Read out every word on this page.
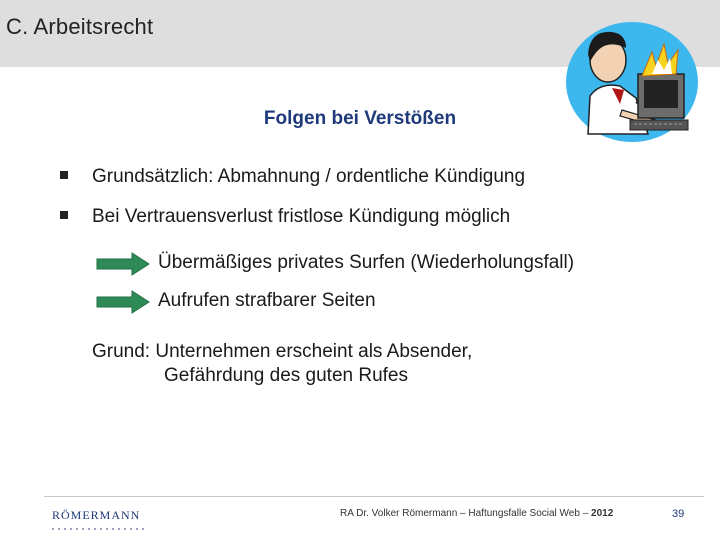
C. Arbeitsrecht
Folgen bei Verstößen
Grundsätzlich: Abmahnung / ordentliche Kündigung
Bei Vertrauensverlust fristlose Kündigung möglich
Übermäßiges privates Surfen (Wiederholungsfall)
Aufrufen strafbarer Seiten
Grund: Unternehmen erscheint als Absender,
Gefährdung des guten Rufes
RÖMERMANN	RA Dr. Volker Römermann – Haftungsfalle Social Web – 2012	39
